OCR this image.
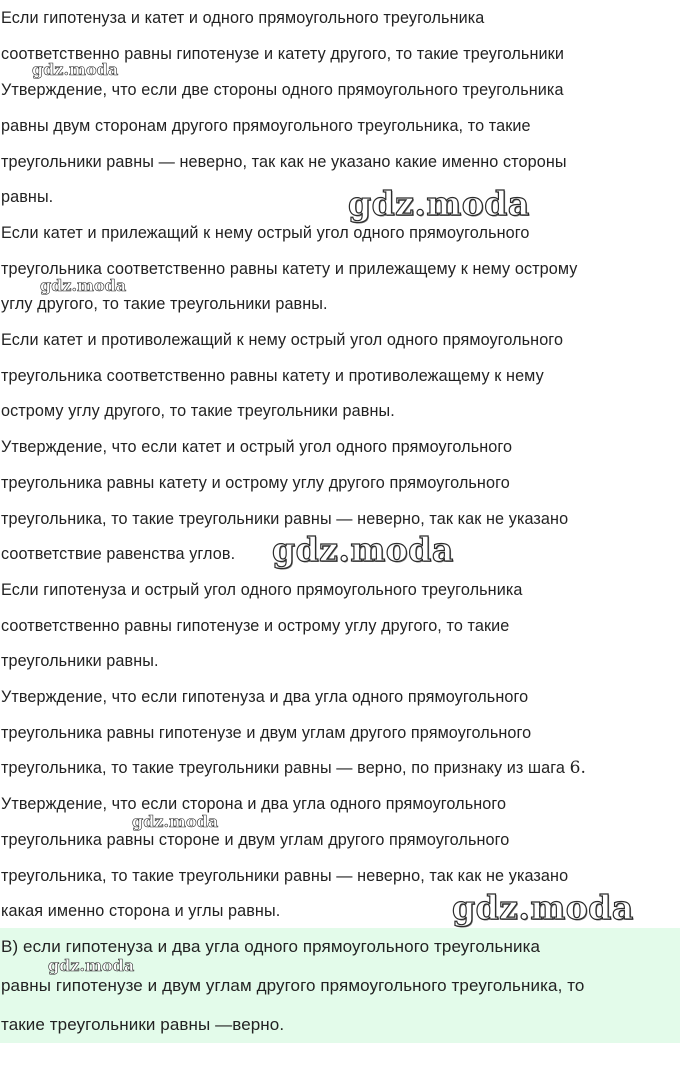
Если гипотенуза и катет и одного прямоугольного треугольника
соответственно равны гипотенузе и катету другого, то такие треугольники
Утверждение, что если две стороны одного прямоугольного треугольника
равны двум сторонам другого прямоугольного треугольника, то такие
треугольники равны — неверно, так как не указано какие именно стороны
равны.
Если катет и прилежащий к нему острый угол одного прямоугольного
треугольника соответственно равны катету и прилежащему к нему острому
углу другого, то такие треугольники равны.
Если катет и противолежащий к нему острый угол одного прямоугольного
треугольника соответственно равны катету и противолежащему к нему
острому углу другого, то такие треугольники равны.
Утверждение, что если катет и острый угол одного прямоугольного
треугольника равны катету и острому углу другого прямоугольного
треугольника, то такие треугольники равны — неверно, так как не указано
соответствие равенства углов.
Если гипотенуза и острый угол одного прямоугольного треугольника
соответственно равны гипотенузе и острому углу другого, то такие
треугольники равны.
Утверждение, что если гипотенуза и два угла одного прямоугольного
треугольника равны гипотенузе и двум углам другого прямоугольного
треугольника, то такие треугольники равны — верно, по признаку из шага 6.
Утверждение, что если сторона и два угла одного прямоугольного
треугольника равны стороне и двум углам другого прямоугольного
треугольника, то такие треугольники равны — неверно, так как не указано
какая именно сторона и углы равны.
В) если гипотенуза и два угла одного прямоугольного треугольника
равны гипотенузе и двум углам другого прямоугольного треугольника, то
такие треугольники равны —верно.
gdz.moda
gdz.moda
gdz.moda
gdz.moda
gdz.moda
gdz.moda
gdz.moda
